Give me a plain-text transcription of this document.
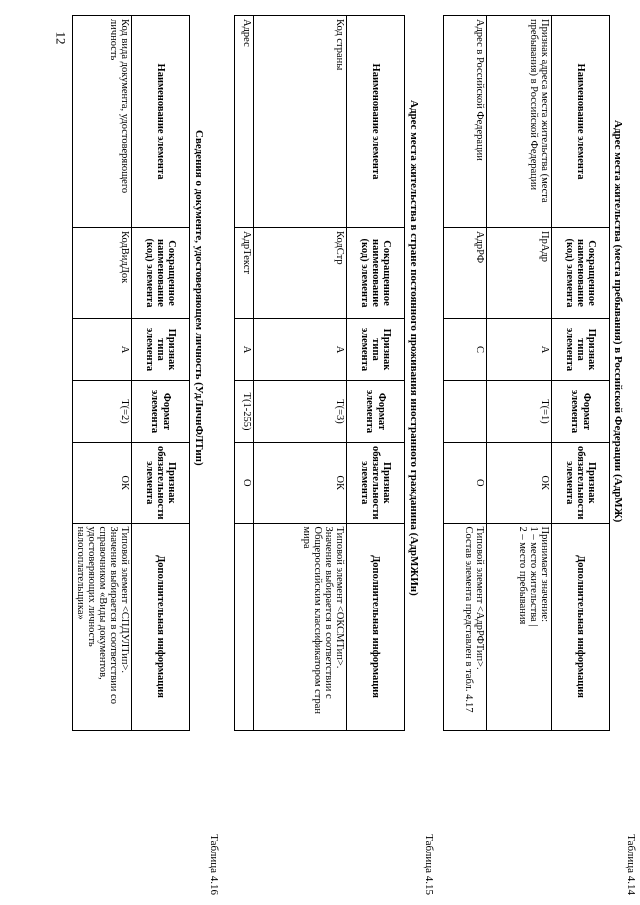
12
Таблица 4.14
Адрес места жительства (места пребывания) в Российской Федерации (АдрМЖ)
Наименование элемента	Сокращенное наименование (код) элемента	Признак типа элемента	Формат элемента	Признак обязательности элемента	Дополнительная информация
Признак адреса места жительства (места пребывания) в Российской Федерации	ПрАдр	А	Т(=1)	ОК	Принимает значение:
1 – место жительства |
2 – место пребывания

Адрес в Российской Федерации	АдрРФ	С		О	Типовой элемент <АдрРФТип>.
Состав элемента представлен в табл. 4.17
Таблица 4.15
Адрес места жительства в стране постоянного проживания иностранного гражданина (АдрМЖИн)
Наименование элемента	Сокращенное наименование (код) элемента	Признак типа элемента	Формат элемента	Признак обязательности элемента	Дополнительная информация
Код страны	КодСтр	А	Т(=3)	ОК	Типовой элемент <ОКСМТип>.
Значение выбирается в соответствии с Общероссийским классификатором стран мира

Адрес	АдрТекст	А	Т(1-255)	О	
Таблица 4.16
Сведения о документе, удостоверяющем личность (УдЛичнФЛТип)
Наименование элемента	Сокращенное наименование (код) элемента	Признак типа элемента	Формат элемента	Признак обязательности элемента	Дополнительная информация
Код вида документа, удостоверяющего личность	КодВидДок	А	Т(=2)	ОК	Типовой элемент <СПДУЛТип>.
Значение выбирается в соответствии со справочником «Виды документов, удостоверяющих личность налогоплательщика»
